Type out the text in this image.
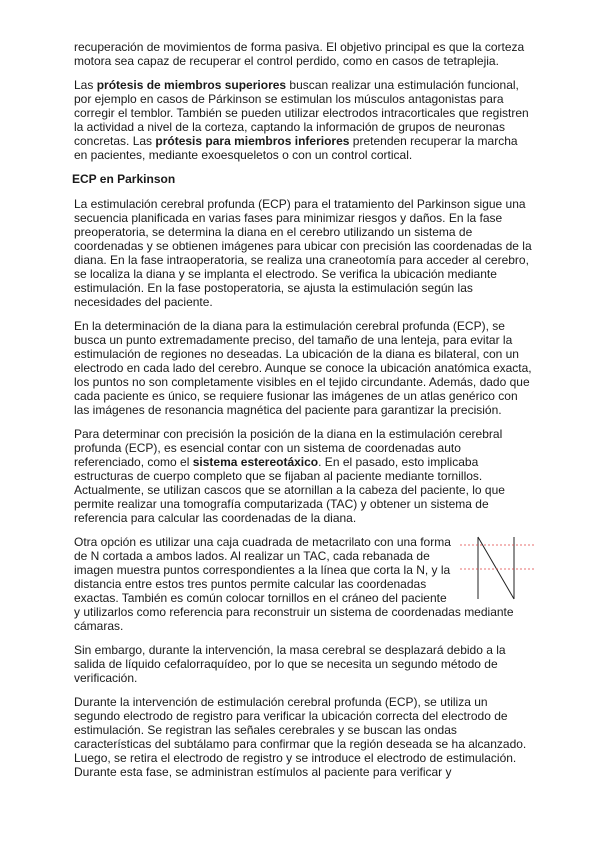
recuperación de movimientos de forma pasiva. El objetivo principal es que la corteza motora sea capaz de recuperar el control perdido, como en casos de tetraplejia.

Las prótesis de miembros superiores buscan realizar una estimulación funcional, por ejemplo en casos de Párkinson se estimulan los músculos antagonistas para corregir el temblor. También se pueden utilizar electrodos intracorticales que registren la actividad a nivel de la corteza, captando la información de grupos de neuronas concretas. Las prótesis para miembros inferiores pretenden recuperar la marcha en pacientes, mediante exoesqueletos o con un control cortical.

ECP en Parkinson

La estimulación cerebral profunda (ECP) para el tratamiento del Parkinson sigue una secuencia planificada en varias fases para minimizar riesgos y daños. En la fase preoperatoria, se determina la diana en el cerebro utilizando un sistema de coordenadas y se obtienen imágenes para ubicar con precisión las coordenadas de la diana. En la fase intraoperatoria, se realiza una craneotomía para acceder al cerebro, se localiza la diana y se implanta el electrodo. Se verifica la ubicación mediante estimulación. En la fase postoperatoria, se ajusta la estimulación según las necesidades del paciente.

En la determinación de la diana para la estimulación cerebral profunda (ECP), se busca un punto extremadamente preciso, del tamaño de una lenteja, para evitar la estimulación de regiones no deseadas. La ubicación de la diana es bilateral, con un electrodo en cada lado del cerebro. Aunque se conoce la ubicación anatómica exacta, los puntos no son completamente visibles en el tejido circundante. Además, dado que cada paciente es único, se requiere fusionar las imágenes de un atlas genérico con las imágenes de resonancia magnética del paciente para garantizar la precisión.

Para determinar con precisión la posición de la diana en la estimulación cerebral profunda (ECP), es esencial contar con un sistema de coordenadas auto referenciado, como el sistema estereotáxico. En el pasado, esto implicaba estructuras de cuerpo completo que se fijaban al paciente mediante tornillos. Actualmente, se utilizan cascos que se atornillan a la cabeza del paciente, lo que permite realizar una tomografía computarizada (TAC) y obtener un sistema de referencia para calcular las coordenadas de la diana.

Otra opción es utilizar una caja cuadrada de metacrilato con una forma de N cortada a ambos lados. Al realizar un TAC, cada rebanada de imagen muestra puntos correspondientes a la línea que corta la N, y la distancia entre estos tres puntos permite calcular las coordenadas exactas. También es común colocar tornillos en el cráneo del paciente y utilizarlos como referencia para reconstruir un sistema de coordenadas mediante cámaras.

Sin embargo, durante la intervención, la masa cerebral se desplazará debido a la salida de líquido cefalorraquídeo, por lo que se necesita un segundo método de verificación.

Durante la intervención de estimulación cerebral profunda (ECP), se utiliza un segundo electrodo de registro para verificar la ubicación correcta del electrodo de estimulación. Se registran las señales cerebrales y se buscan las ondas características del subtálamo para confirmar que la región deseada se ha alcanzado. Luego, se retira el electrodo de registro y se introduce el electrodo de estimulación. Durante esta fase, se administran estímulos al paciente para verificar y
